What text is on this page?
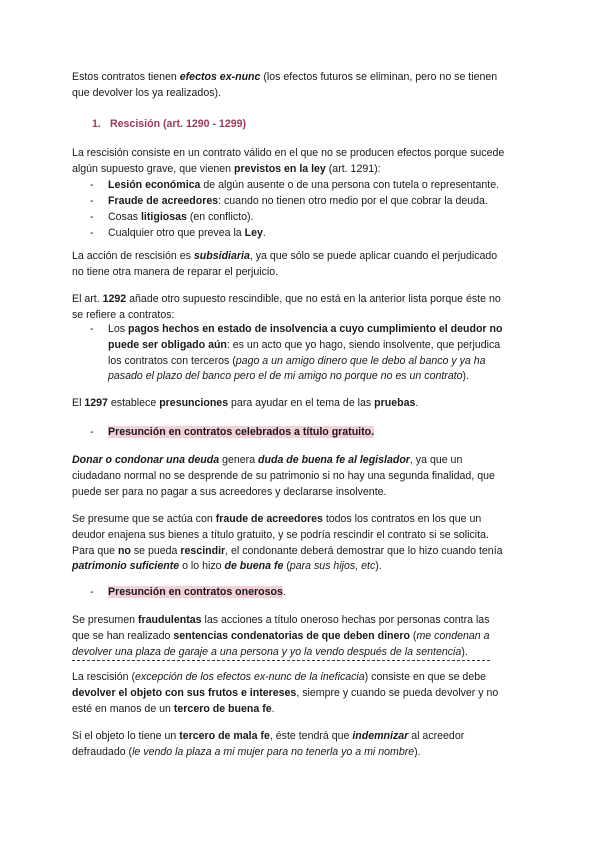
Estos contratos tienen efectos ex-nunc (los efectos futuros se eliminan, pero no se tienen
que devolver los ya realizados).

1. Rescisión (art. 1290 - 1299)

La rescisión consiste en un contrato válido en el que no se producen efectos porque sucede
algún supuesto grave, que vienen previstos en la ley (art. 1291):

-	Lesión económica de algún ausente o de una persona con tutela o representante.

-	Fraude de acreedores: cuando no tienen otro medio por el que cobrar la deuda.

-	Cosas litigiosas (en conflicto).

-	Cualquier otro que prevea la Ley.

La acción de rescisión es subsidiaria, ya que sólo se puede aplicar cuando el perjudicado
no tiene otra manera de reparar el perjuicio.

El art. 1292 añade otro supuesto rescindible, que no está en la anterior lista porque éste no
se refiere a contratos:

-	Los pagos hechos en estado de insolvencia a cuyo cumplimiento el deudor no
puede ser obligado aún: es un acto que yo hago, siendo insolvente, que perjudica
los contratos con terceros (pago a un amigo dinero que le debo al banco y ya ha
pasado el plazo del banco pero el de mi amigo no porque no es un contrato).

El 1297 establece presunciones para ayudar en el tema de las pruebas.

-	Presunción en contratos celebrados a título gratuito.

Donar o condonar una deuda genera duda de buena fe al legislador, ya que un
ciudadano normal no se desprende de su patrimonio si no hay una segunda finalidad, que
puede ser para no pagar a sus acreedores y declararse insolvente.

Se presume que se actúa con fraude de acreedores todos los contratos en los que un
deudor enajena sus bienes a título gratuito, y se podría rescindir el contrato si se solicita.
Para que no se pueda rescindir, el condonante deberá demostrar que lo hizo cuando tenía
patrimonio suficiente o lo hizo de buena fe (para sus hijos, etc).

-	Presunción en contratos onerosos.

Se presumen fraudulentas las acciones a título oneroso hechas por personas contra las
que se han realizado sentencias condenatorias de que deben dinero (me condenan a
devolver una plaza de garaje a una persona y yo la vendo después de la sentencia).

La rescisión (excepción de los efectos ex-nunc de la ineficacia) consiste en que se debe
devolver el objeto con sus frutos e intereses, siempre y cuando se pueda devolver y no
esté en manos de un tercero de buena fe.

Si el objeto lo tiene un tercero de mala fe, éste tendrá que indemnizar al acreedor
defraudado (le vendo la plaza a mi mujer para no tenerla yo a mi nombre).
